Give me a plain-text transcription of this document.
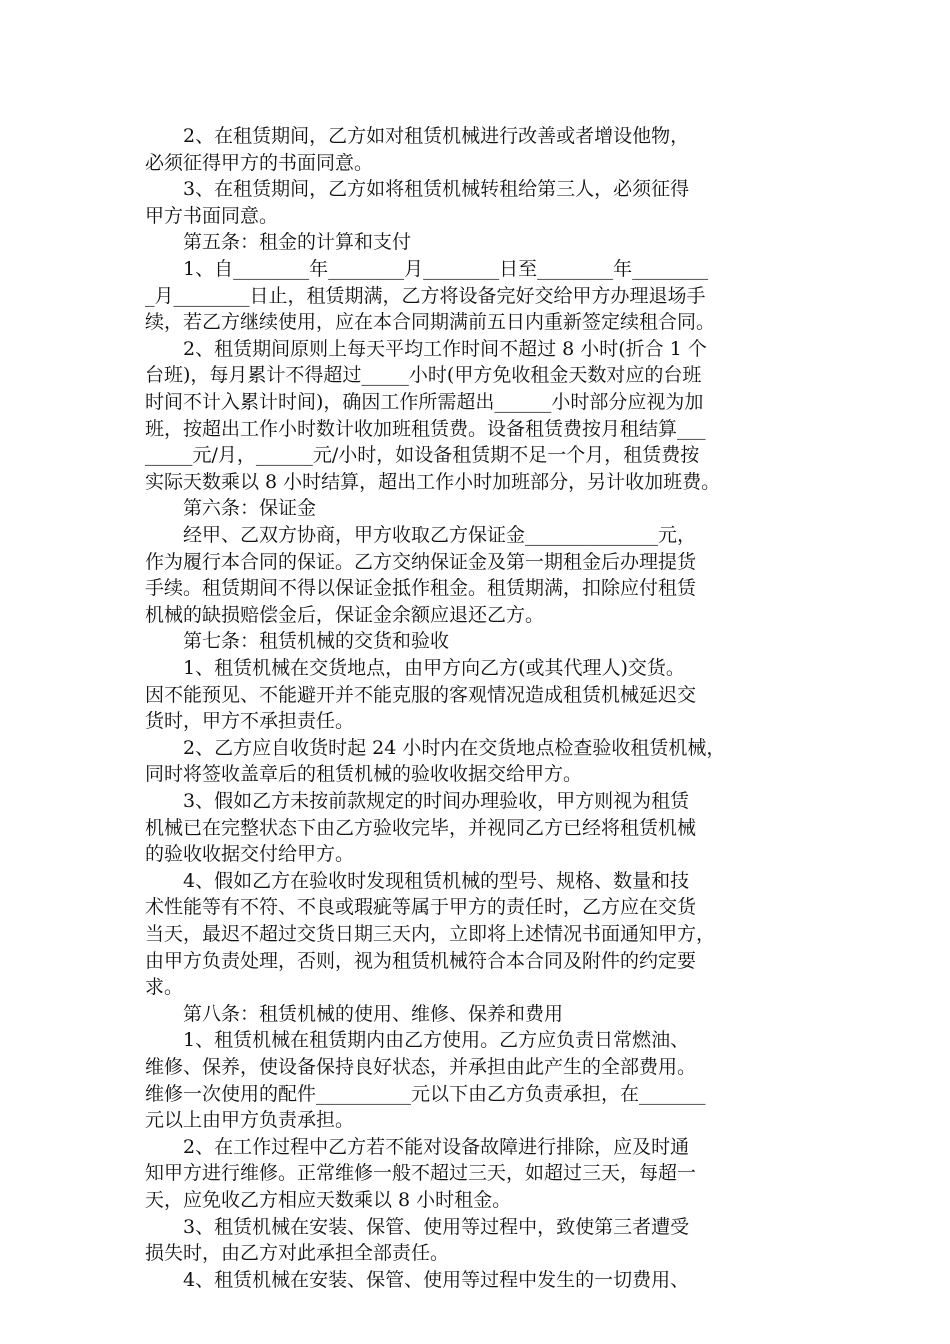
　　2、在租赁期间，乙方如对租赁机械进行改善或者增设他物，
必须征得甲方的书面同意。
　　3、在租赁期间，乙方如将租赁机械转租给第三人，必须征得
甲方书面同意。
　　第五条：租金的计算和支付
　　1、自________年________月________日至________年________
_月________日止，租赁期满，乙方将设备完好交给甲方办理退场手
续，若乙方继续使用，应在本合同期满前五日内重新签定续租合同。
　　2、租赁期间原则上每天平均工作时间不超过 8 小时(折合 1 个
台班)，每月累计不得超过_____小时(甲方免收租金天数对应的台班
时间不计入累计时间)，确因工作所需超出______小时部分应视为加
班，按超出工作小时数计收加班租赁费。设备租赁费按月租结算___
_____元/月，______元/小时，如设备租赁期不足一个月，租赁费按
实际天数乘以 8 小时结算，超出工作小时加班部分，另计收加班费。
　　第六条：保证金
　　经甲、乙双方协商，甲方收取乙方保证金______________元，
作为履行本合同的保证。乙方交纳保证金及第一期租金后办理提货
手续。租赁期间不得以保证金抵作租金。租赁期满，扣除应付租赁
机械的缺损赔偿金后，保证金余额应退还乙方。
　　第七条：租赁机械的交货和验收
　　1、租赁机械在交货地点，由甲方向乙方(或其代理人)交货。
因不能预见、不能避开并不能克服的客观情况造成租赁机械延迟交
货时，甲方不承担责任。
　　2、乙方应自收货时起 24 小时内在交货地点检查验收租赁机械，
同时将签收盖章后的租赁机械的验收收据交给甲方。
　　3、假如乙方未按前款规定的时间办理验收，甲方则视为租赁
机械已在完整状态下由乙方验收完毕，并视同乙方已经将租赁机械
的验收收据交付给甲方。
　　4、假如乙方在验收时发现租赁机械的型号、规格、数量和技
术性能等有不符、不良或瑕疵等属于甲方的责任时，乙方应在交货
当天，最迟不超过交货日期三天内，立即将上述情况书面通知甲方，
由甲方负责处理，否则，视为租赁机械符合本合同及附件的约定要
求。
　　第八条：租赁机械的使用、维修、保养和费用
　　1、租赁机械在租赁期内由乙方使用。乙方应负责日常燃油、
维修、保养，使设备保持良好状态，并承担由此产生的全部费用。
维修一次使用的配件__________元以下由乙方负责承担，在_______
元以上由甲方负责承担。
　　2、在工作过程中乙方若不能对设备故障进行排除，应及时通
知甲方进行维修。正常维修一般不超过三天，如超过三天，每超一
天，应免收乙方相应天数乘以 8 小时租金。
　　3、租赁机械在安装、保管、使用等过程中，致使第三者遭受
损失时，由乙方对此承担全部责任。
　　4、租赁机械在安装、保管、使用等过程中发生的一切费用、
